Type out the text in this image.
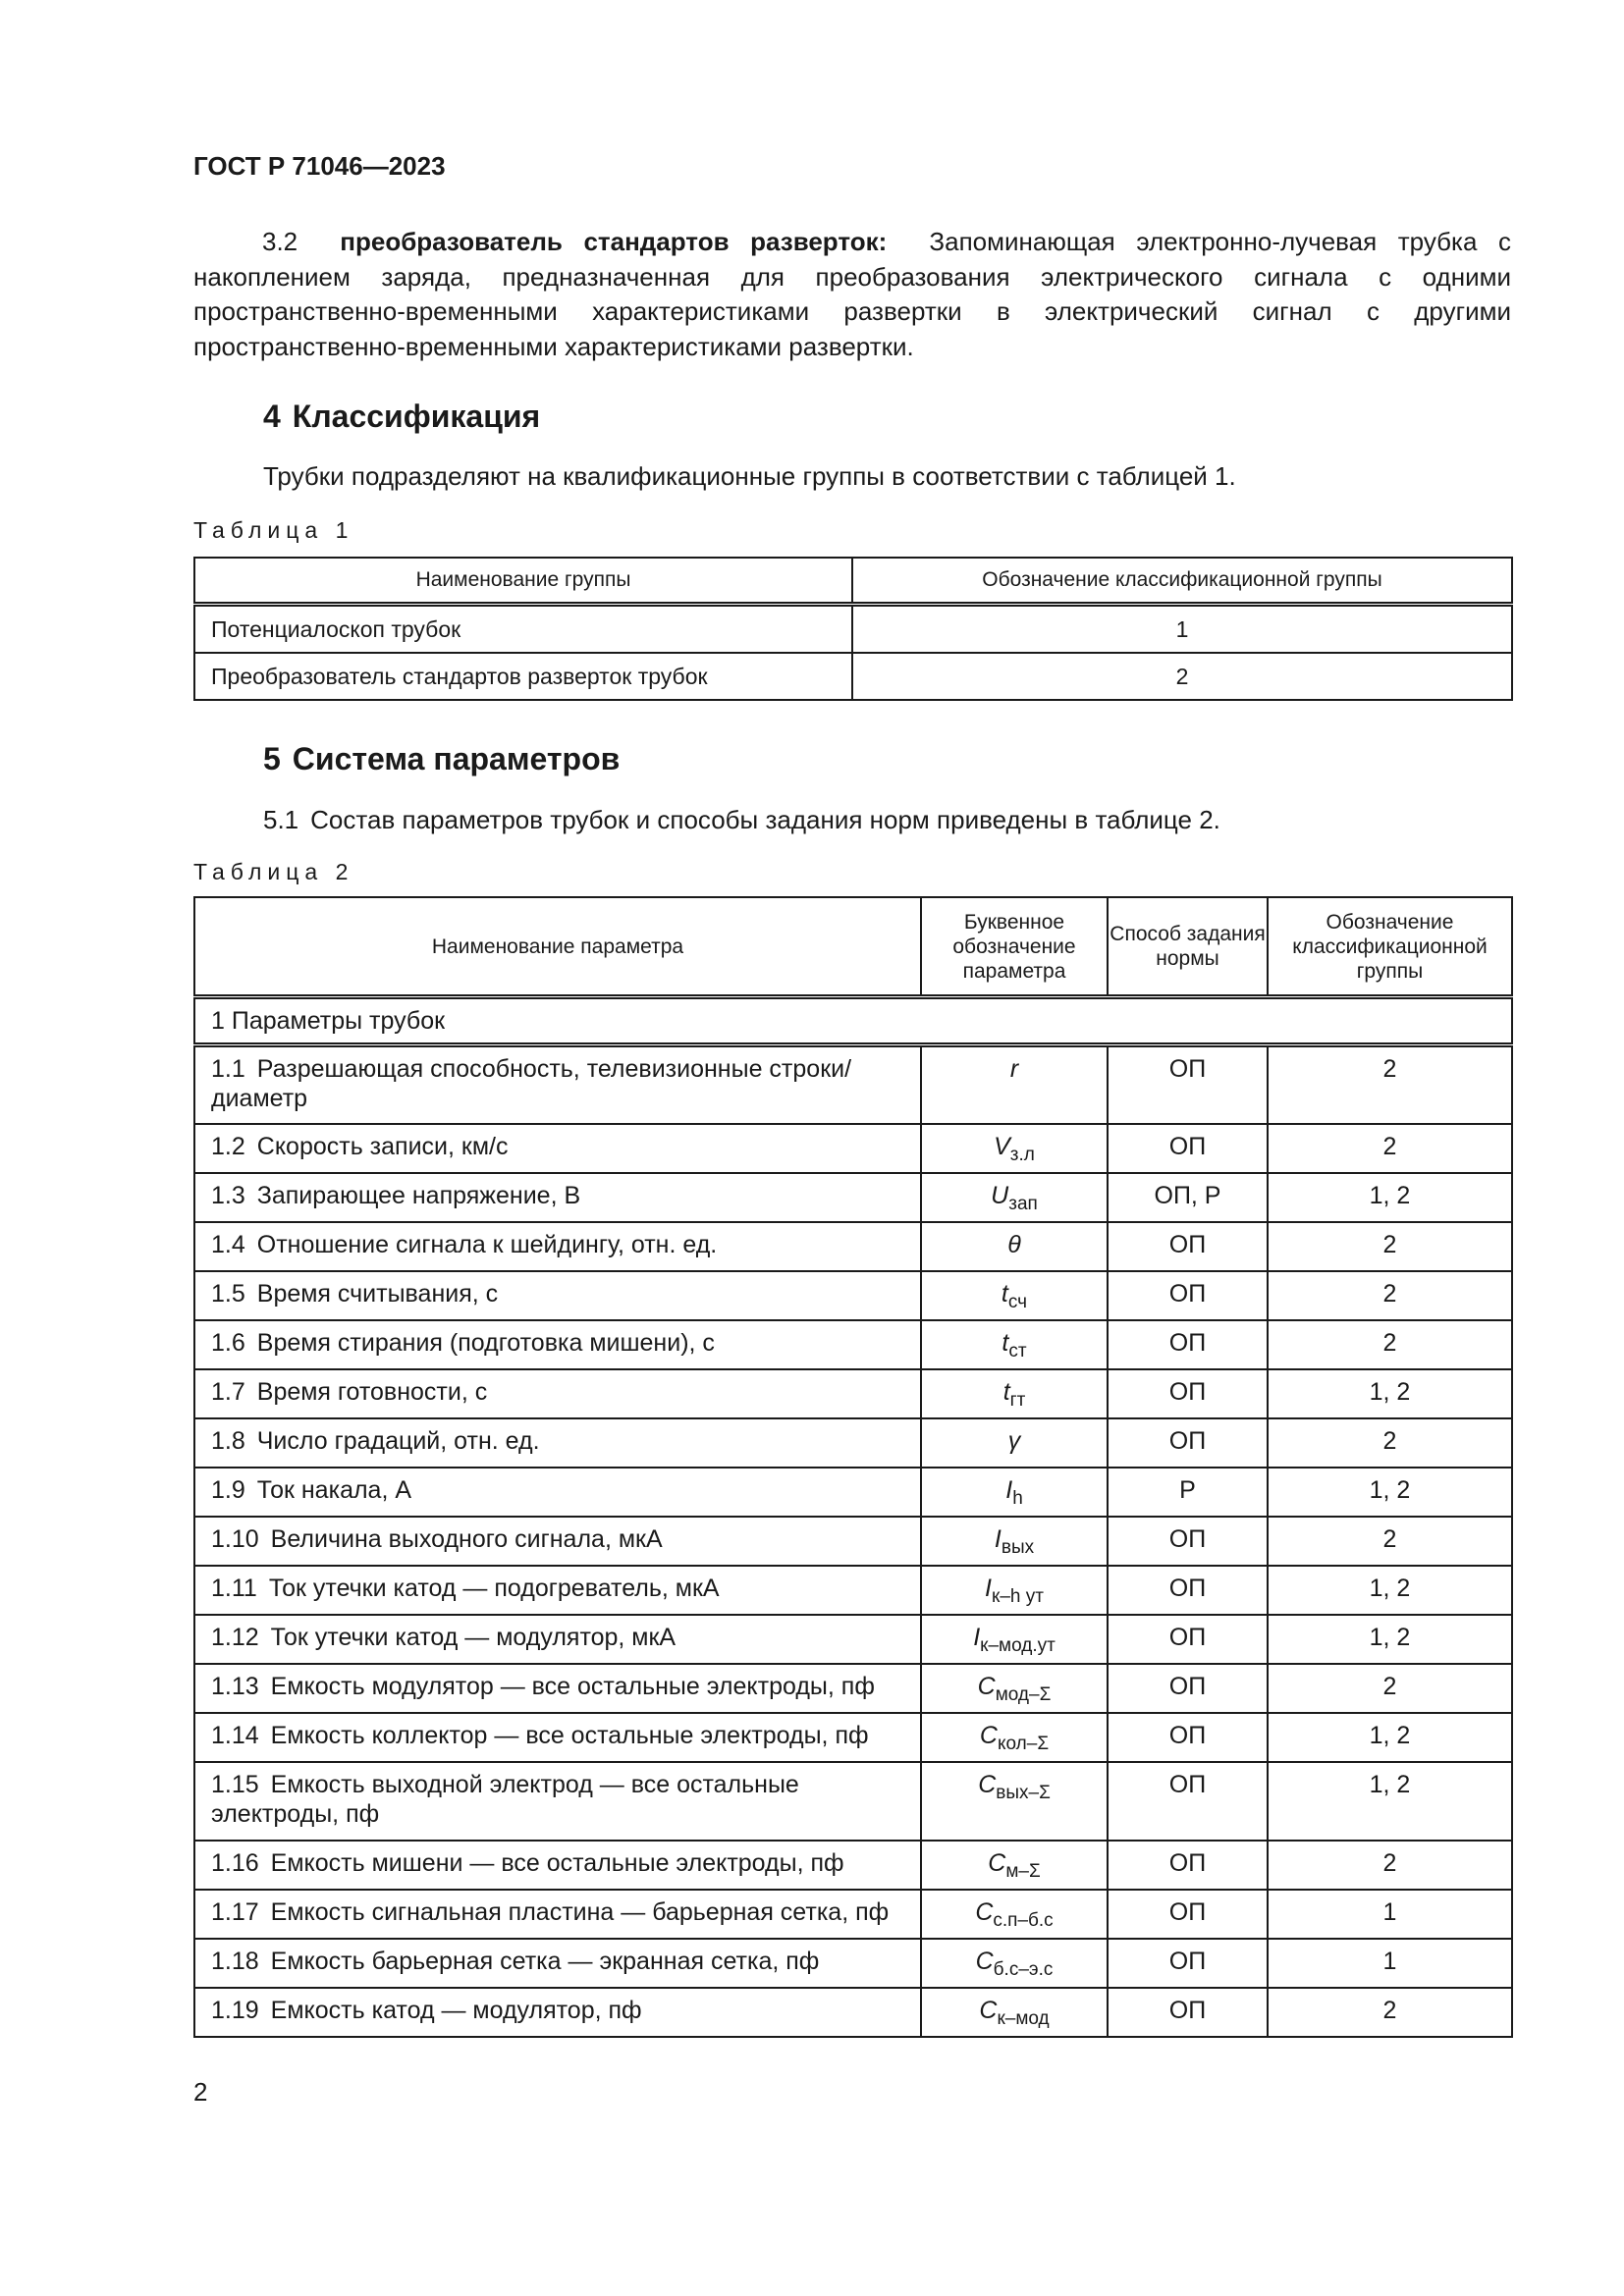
ГОСТ Р 71046—2023
3.2 преобразователь стандартов разверток: Запоминающая электронно-лучевая трубка с накоплением заряда, предназначенная для преобразования электрического сигнала с одними пространственно-временными характеристиками развертки в электрический сигнал с другими пространственно-временными характеристиками развертки.
4 Классификация
Трубки подразделяют на квалификационные группы в соответствии с таблицей 1.
Таблица 1
Наименование группы	Обозначение классификационной группы
Потенциалоскоп трубок	1
Преобразователь стандартов разверток трубок	2
5 Система параметров
5.1 Состав параметров трубок и способы задания норм приведены в таблице 2.
Таблица 2
Наименование параметра	Буквенное обозначение параметра	Способ задания нормы	Обозначение классификационной группы
1 Параметры трубок			
1.1 Разрешающая способность, телевизионные строки/диаметр	r	ОП	2
1.2 Скорость записи, км/с	$V_{з.л}$	ОП	2
1.3 Запирающее напряжение, В	$U_{зап}$	ОП, Р	1, 2
1.4 Отношение сигнала к шейдингу, отн. ед.	θ	ОП	2
1.5 Время считывания, с	$t_{сч}$	ОП	2
1.6 Время стирания (подготовка мишени), с	$t_{ст}$	ОП	2
1.7 Время готовности, с	$t_{гт}$	ОП	1, 2
1.8 Число градаций, отн. ед.	γ	ОП	2
1.9 Ток накала, А	$I_h$	Р	1, 2
1.10 Величина выходного сигнала, мкА	$I_{вых}$	ОП	2
1.11 Ток утечки катод — подогреватель, мкА	$I_{к-h ут}$	ОП	1, 2
1.12 Ток утечки катод — модулятор, мкА	$I_{к-мод.ут}$	ОП	1, 2
1.13 Емкость модулятор — все остальные электроды, пф	$C_{мод-\Sigma}$	ОП	2
1.14 Емкость коллектор — все остальные электроды, пф	$C_{кол-\Sigma}$	ОП	1, 2
1.15 Емкость выходной электрод — все остальные электроды, пф	$C_{вых-\Sigma}$	ОП	1, 2
1.16 Емкость мишени — все остальные электроды, пф	$C_{м-\Sigma}$	ОП	2
1.17 Емкость сигнальная пластина — барьерная сетка, пф	$C_{с.п-б.с}$	ОП	1
1.18 Емкость барьерная сетка — экранная сетка, пф	$C_{б.с-э.с}$	ОП	1
1.19 Емкость катод — модулятор, пф	$C_{к-мод}$	ОП	2
2
